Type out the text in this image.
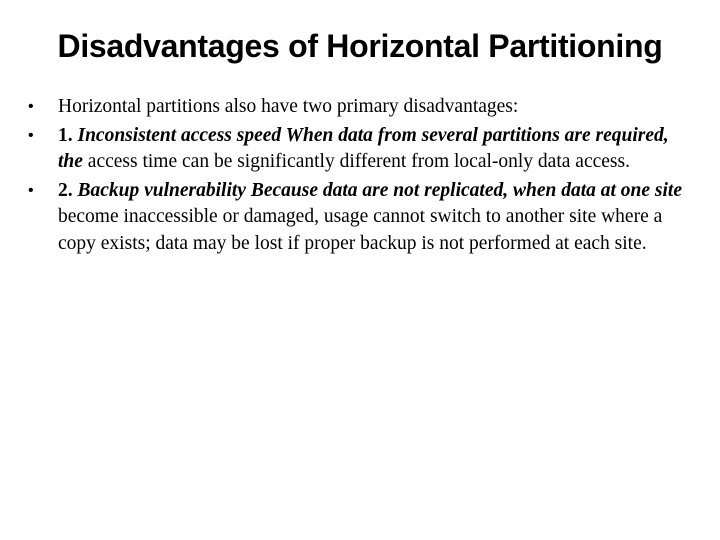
Disadvantages of Horizontal Partitioning
• Horizontal partitions also have two primary disadvantages:
• 1. Inconsistent access speed When data from several partitions are required, the access time can be significantly different from local-only data access.
• 2. Backup vulnerability Because data are not replicated, when data at one site become inaccessible or damaged, usage cannot switch to another site where a copy exists; data may be lost if proper backup is not performed at each site.
